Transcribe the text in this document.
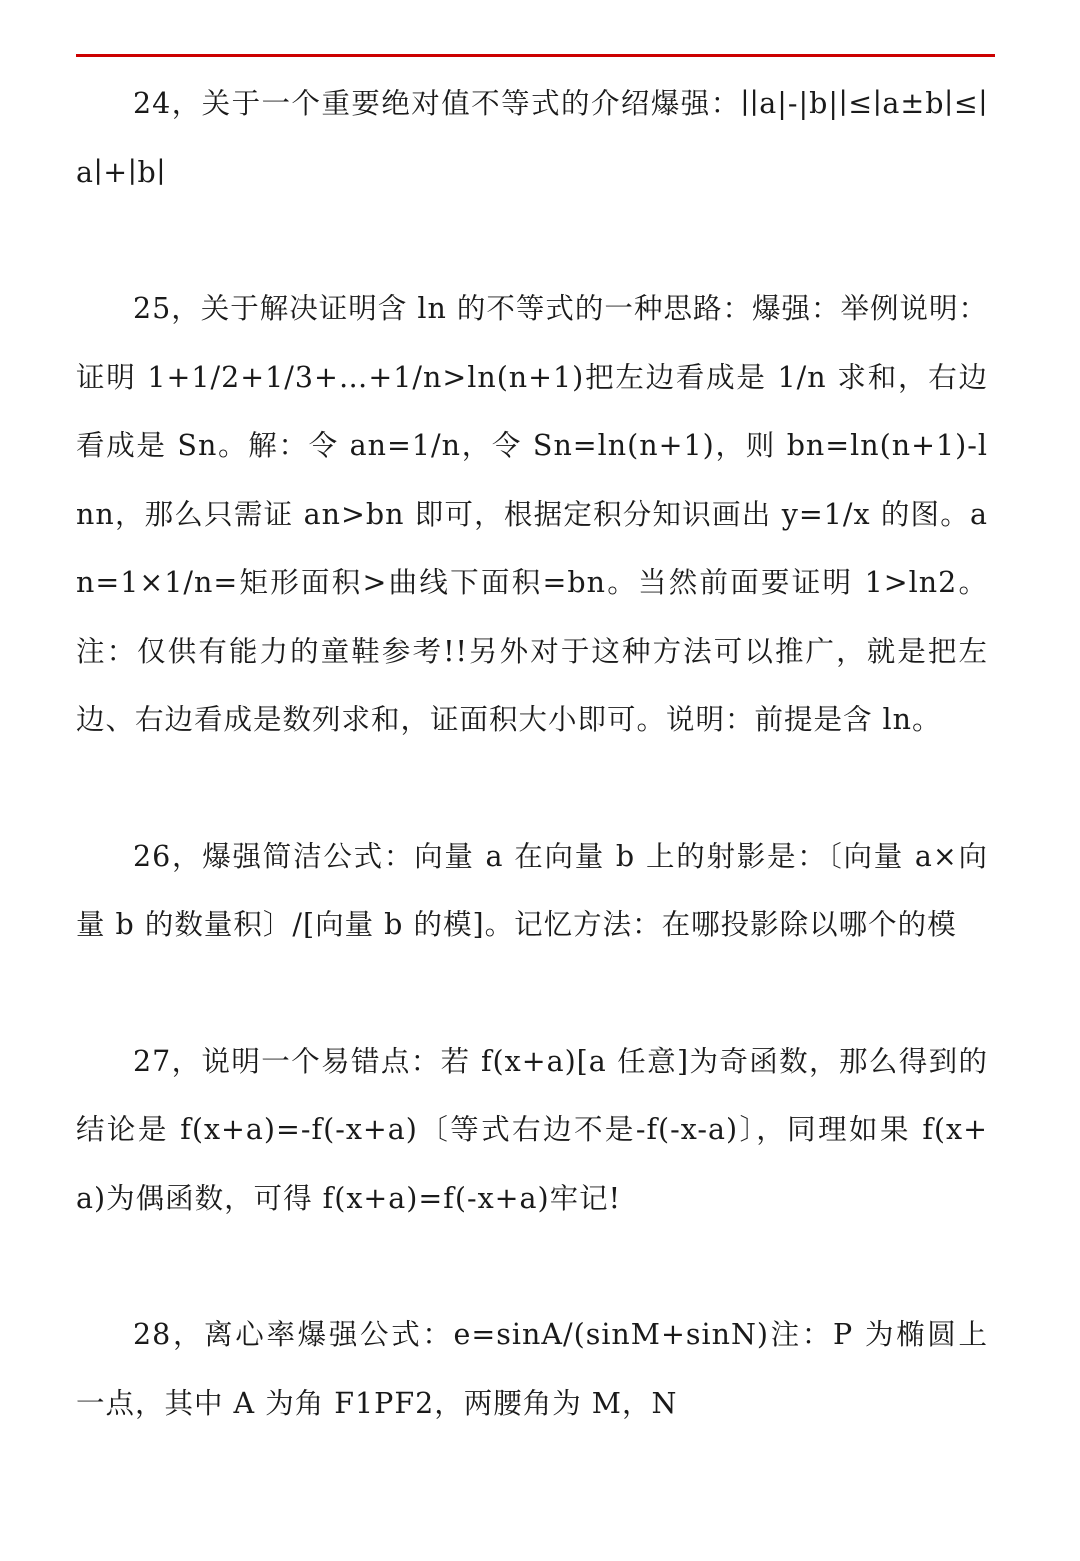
24，关于一个重要绝对值不等式的介绍爆强：∣∣a|-|b|∣≤∣a±b∣≤∣a∣+∣b∣

25，关于解决证明含 ln 的不等式的一种思路：爆强：举例说明：证明 1+1/2+1/3+…+1/n>ln(n+1)把左边看成是 1/n 求和，右边看成是 Sn。解：令 an=1/n，令 Sn=ln(n+1)，则 bn=ln(n+1)-lnn，那么只需证 an>bn 即可，根据定积分知识画出 y=1/x 的图。an=1×1/n=矩形面积>曲线下面积=bn。当然前面要证明 1>ln2。注：仅供有能力的童鞋参考!!另外对于这种方法可以推广，就是把左边、右边看成是数列求和，证面积大小即可。说明：前提是含 ln。

26，爆强简洁公式：向量 a 在向量 b 上的射影是：〔向量 a×向量 b 的数量积〕/[向量 b 的模]。记忆方法：在哪投影除以哪个的模

27，说明一个易错点：若 f(x+a)[a 任意]为奇函数，那么得到的结论是 f(x+a)=-f(-x+a)〔等式右边不是-f(-x-a)〕，同理如果 f(x+a)为偶函数，可得 f(x+a)=f(-x+a)牢记!

28，离心率爆强公式：e=sinA/(sinM+sinN)注：P 为椭圆上一点，其中 A 为角 F1PF2，两腰角为 M，N
